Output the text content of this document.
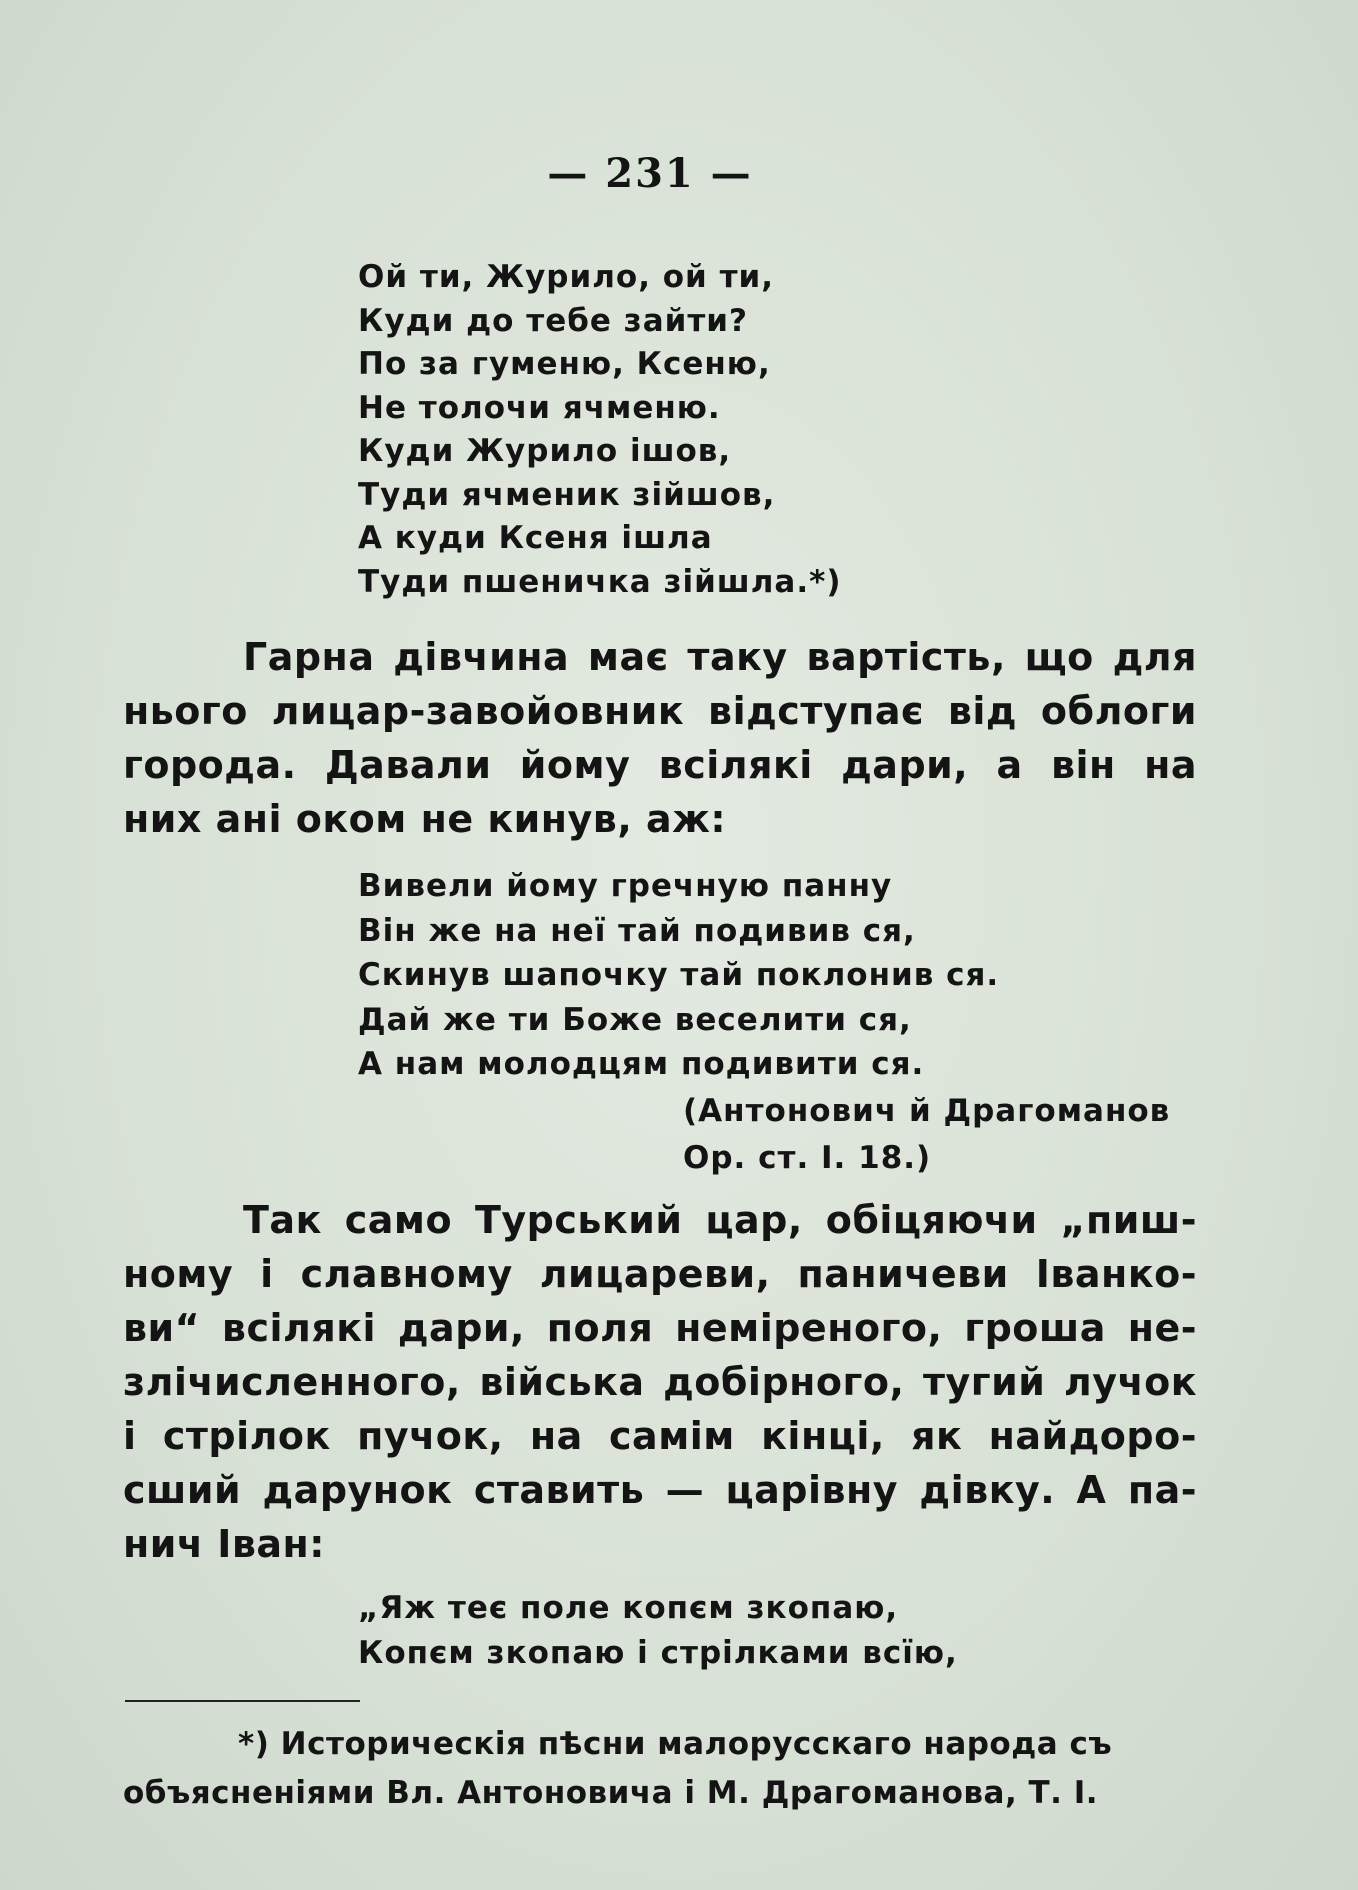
— 231 —
Ой ти, Журило, ой ти,
Куди до тебе зайти?
По за гуменю, Ксеню,
Не толочи ячменю.
Куди Журило ішов,
Туди ячменик зійшов,
А куди Ксеня ішла
Туди пшеничка зійшла.*)
Гарна дівчина має таку вартість, що для
нього лицар-завойовник відступає від облоги
города. Давали йому всілякі дари, а він на
них ані оком не кинув, аж:
Вивели йому гречную панну
Він же на неї тай подивив ся,
Скинув шапочку тай поклонив ся.
Дай же ти Боже веселити ся,
А нам молодцям подивити ся.
(Антонович й Драгоманов
Ор. ст. I. 18.)
Так само Турський цар, обіцяючи „пиш-
ному і славному лицареви, паничеви Іванко-
ви“ всілякі дари, поля неміреного, гроша не-
злічисленного, війська добірного, тугий лучок
і стрілок пучок, на самім кінці, як найдоро-
сший дарунок ставить — царівну дівку. А па-
нич Іван:
„Яж теє поле копєм зкопаю,
Копєм зкопаю і стрілками всїю,
*) Историческія пѣсни малорусскаго народа съ
объясненіями Вл. Антоновича і М. Драгоманова, Т. I.
